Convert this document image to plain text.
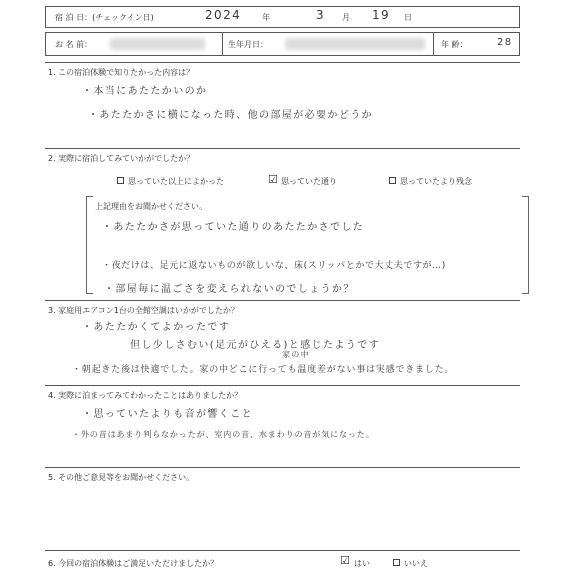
宿 泊 日：(チェックイン日)	2024	年	3 月 19 日
お 名 前：	生年月日：	年 齢：	28
1. この宿泊体験で知りたかった内容は？
・本当にあたたかいのか
・あたたかさに横になった時、他の部屋が必要かどうか
2. 実際に宿泊してみていかがでしたか？
思っていた以上によかった	☑ 思っていた通り	思っていたより残念
上記理由をお聞かせください。
・あたたかさが思っていた通りのあたたかさでした
・夜だけは、足元に返ないものが欲しいな、床(スリッパとかで大丈夫ですが…)
・部屋毎に温ごさを変えられないのでしょうか？
3. 家庭用エアコン1台の全館空調はいかがでしたか？
・あたたかくてよかったです
但し少しさむい(足元がひえる)と感じたようです
家の中
・朝起きた後は快適でした。家の中どこに行っても温度差がない事は実感できました。
4. 実際に泊まってみてわかったことはありましたか？
・思っていたよりも音が響くこと
・外の音はあまり判らなかったが、室内の音、水まわりの音が気になった。
5. その他ご意見等をお聞かせください。
6. 今回の宿泊体験はご満足いただけましたか？	☑ はい	いいえ
